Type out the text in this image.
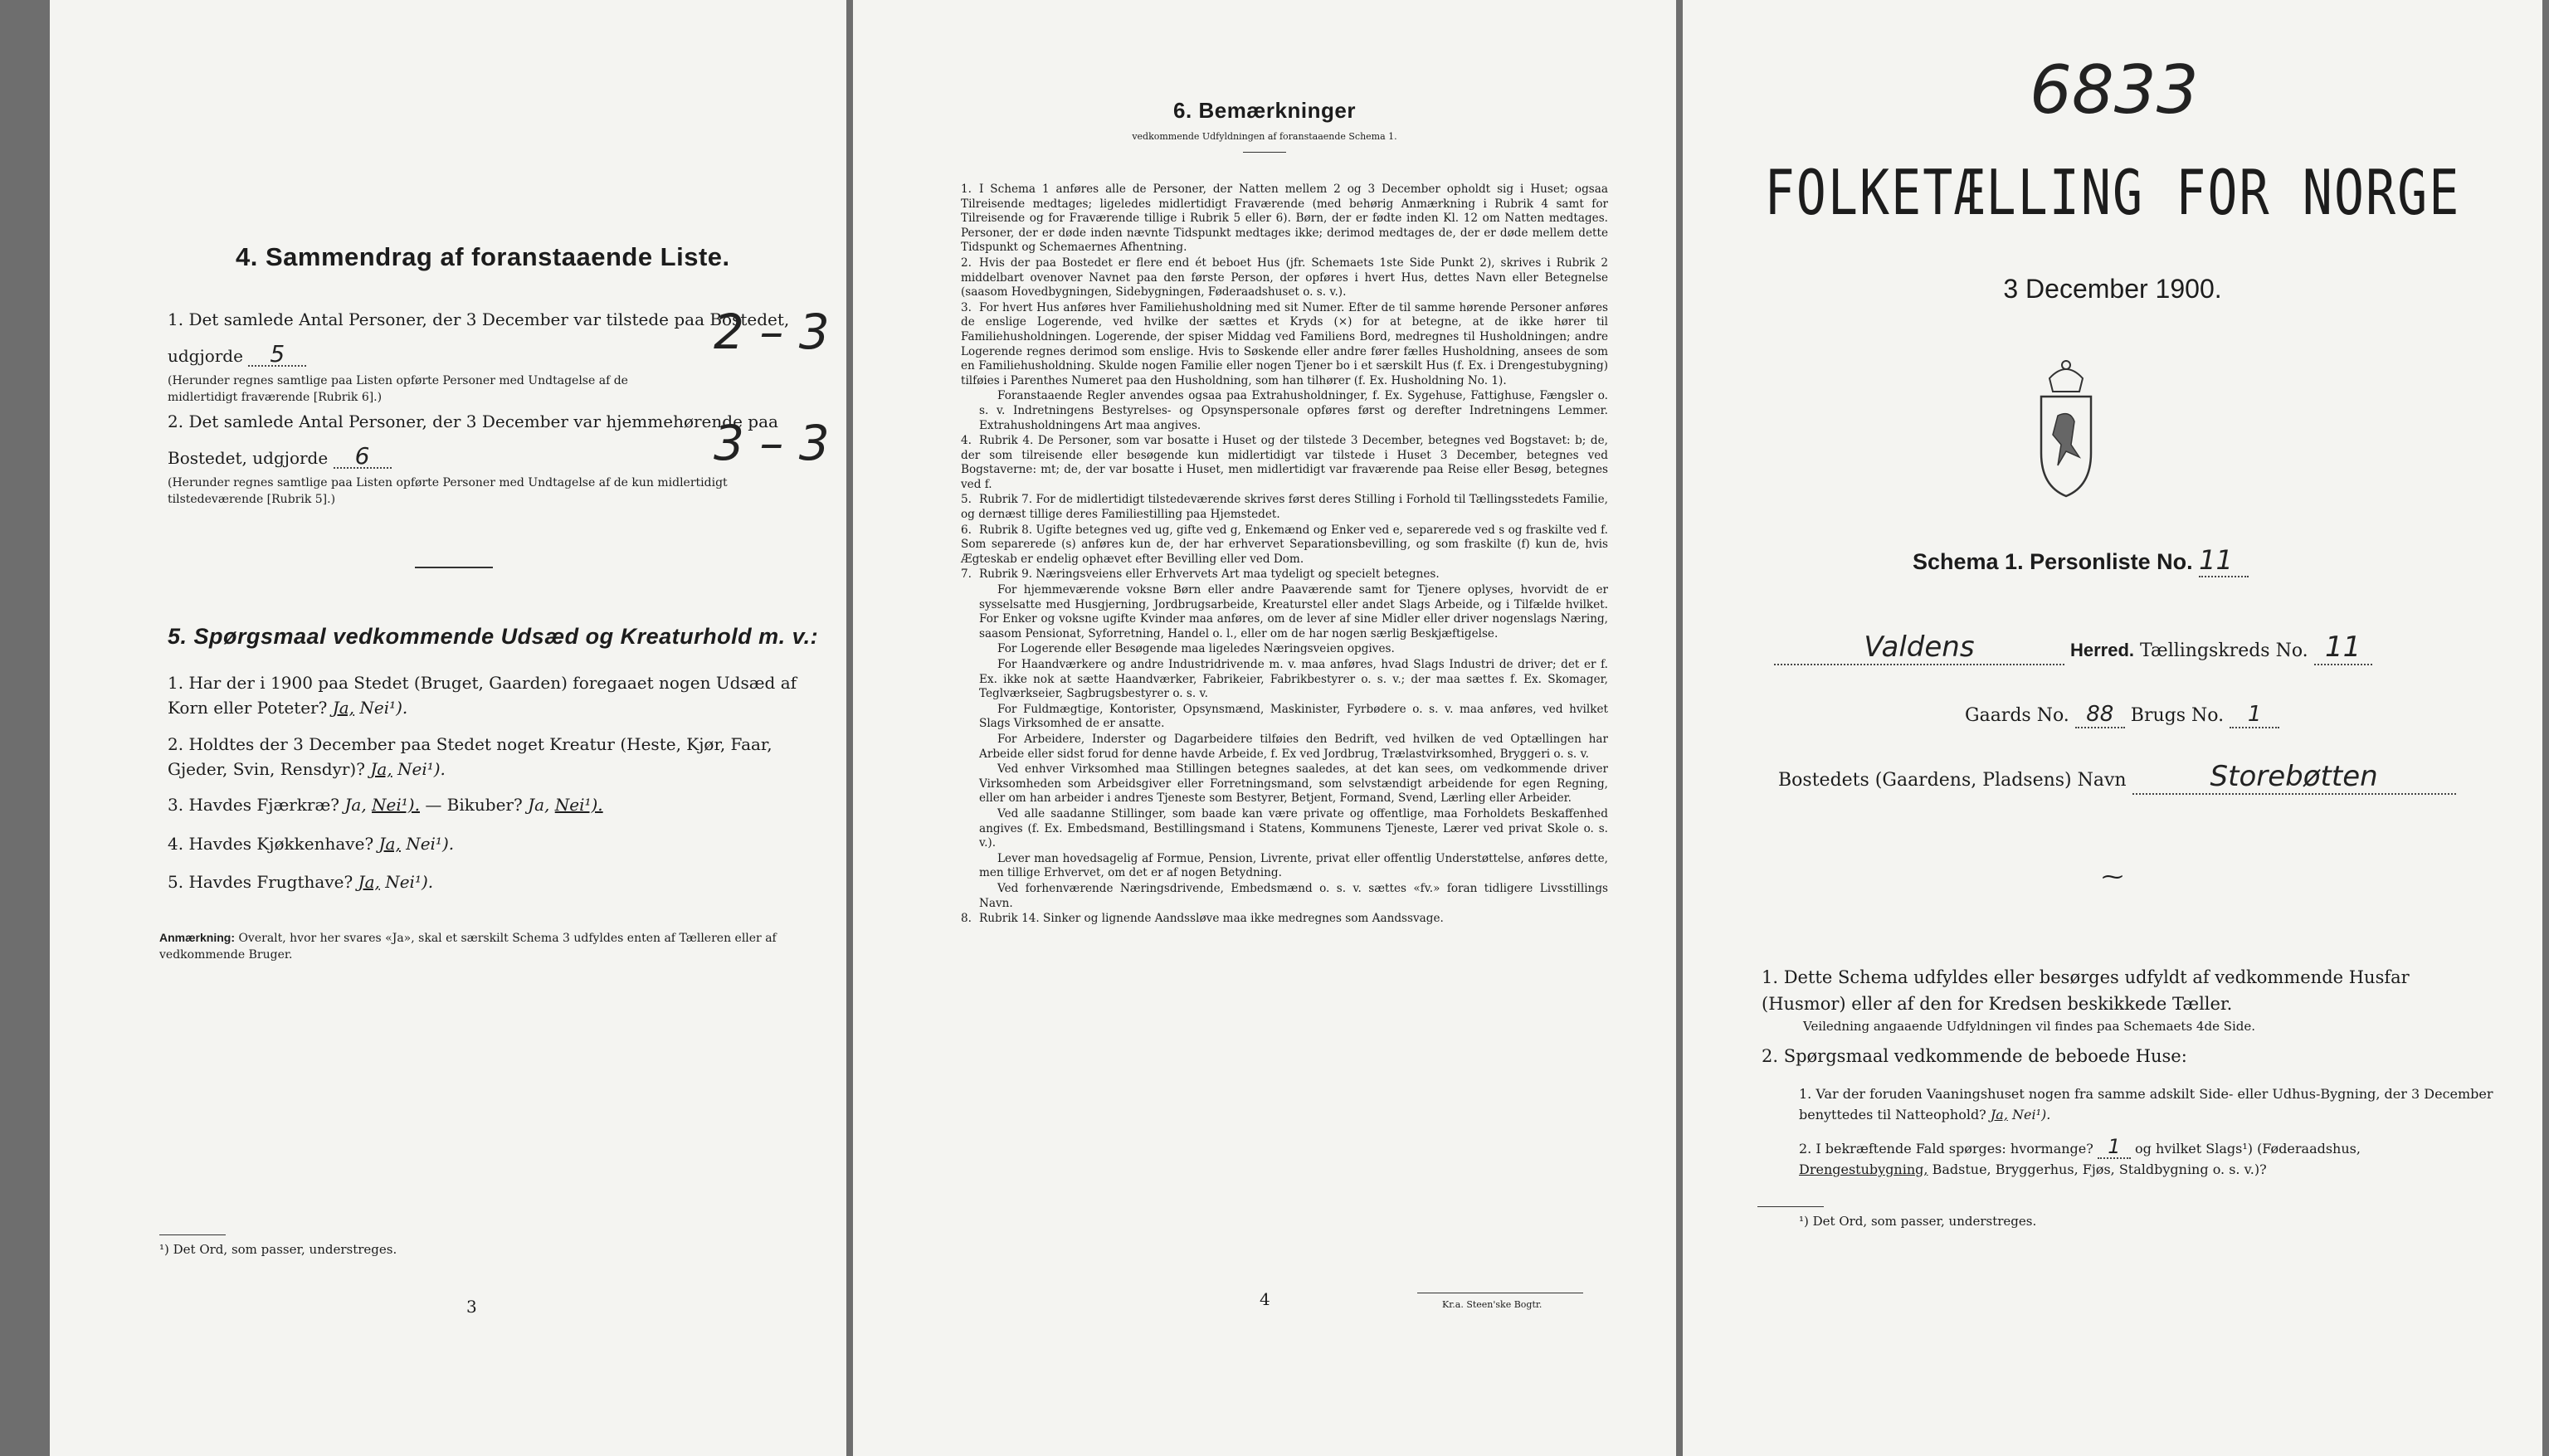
4. Sammendrag af foranstaaende Liste.
1. Det samlede Antal Personer, der 3 December var tilstede paa Bostedet,
udgjorde 5
(Herunder regnes samtlige paa Listen opførte Personer med Undtagelse af de midlertidigt fraværende [Rubrik 6].)
2 – 3
2. Det samlede Antal Personer, der 3 December var hjemmehørende paa
Bostedet, udgjorde 6
(Herunder regnes samtlige paa Listen opførte Personer med Undtagelse af de kun midlertidigt tilstedeværende [Rubrik 5].)
3 – 3
5. Spørgsmaal vedkommende Udsæd og Kreaturhold m. v.:
1. Har der i 1900 paa Stedet (Bruget, Gaarden) foregaaet nogen Udsæd af
Korn eller Poteter? Ja, Nei¹).
2. Holdtes der 3 December paa Stedet noget Kreatur (Heste, Kjør, Faar,
Gjeder, Svin, Rensdyr)? Ja, Nei¹).
3. Havdes Fjærkræ? Ja, Nei¹). — Bikuber? Ja, Nei¹).
4. Havdes Kjøkkenhave? Ja, Nei¹).
5. Havdes Frugthave? Ja, Nei¹).
Anmærkning: Overalt, hvor her svares «Ja», skal et særskilt Schema 3 udfyldes enten af Tælleren eller af vedkommende Bruger.
¹) Det Ord, som passer, understreges.
3
6. Bemærkninger
vedkommende Udfyldningen af foranstaaende Schema 1.

1. I Schema 1 anføres alle de Personer, der Natten mellem 2 og 3 December opholdt sig i Huset; ogsaa Tilreisende medtages; ligeledes midlertidigt Fraværende (med behørig Anmærkning i Rubrik 4 samt for Tilreisende og for Fraværende tillige i Rubrik 5 eller 6). Børn, der er fødte inden Kl. 12 om Natten medtages. Personer, der er døde inden nævnte Tidspunkt medtages ikke; derimod medtages de, der er døde mellem dette Tidspunkt og Schemaernes Afhentning.

2. Hvis der paa Bostedet er flere end ét beboet Hus (jfr. Schemaets 1ste Side Punkt 2), skrives i Rubrik 2 middelbart ovenover Navnet paa den første Person, der opføres i hvert Hus, dettes Navn eller Betegnelse (saasom Hovedbygningen, Sidebygningen, Føderaadshuset o. s. v.).

3. For hvert Hus anføres hver Familiehusholdning med sit Numer. Efter de til samme hørende Personer anføres de enslige Logerende, ved hvilke der sættes et Kryds (×) for at betegne, at de ikke hører til Familiehusholdningen. Logerende, der spiser Middag ved Familiens Bord, medregnes til Husholdningen; andre Logerende regnes derimod som enslige. Hvis to Søskende eller andre fører fælles Husholdning, ansees de som en Familiehusholdning. Skulde nogen Familie eller nogen Tjener bo i et særskilt Hus (f. Ex. i Drengestubygning) tilføies i Parenthes Numeret paa den Husholdning, som han tilhører (f. Ex. Husholdning No. 1).

Foranstaaende Regler anvendes ogsaa paa Extrahusholdninger, f. Ex. Sygehuse, Fattighuse, Fængsler o. s. v. Indretningens Bestyrelses- og Opsynspersonale opføres først og derefter Indretningens Lemmer. Extrahusholdningens Art maa angives.

4. Rubrik 4. De Personer, som var bosatte i Huset og der tilstede 3 December, betegnes ved Bogstavet: b; de, der som tilreisende eller besøgende kun midlertidigt var tilstede i Huset 3 December, betegnes ved Bogstaverne: mt; de, der var bosatte i Huset, men midlertidigt var fraværende paa Reise eller Besøg, betegnes ved f.

5. Rubrik 7. For de midlertidigt tilstedeværende skrives først deres Stilling i Forhold til Tællingsstedets Familie, og dernæst tillige deres Familiestilling paa Hjemstedet.

6. Rubrik 8. Ugifte betegnes ved ug, gifte ved g, Enkemænd og Enker ved e, separerede ved s og fraskilte ved f. Som separerede (s) anføres kun de, der har erhvervet Separationsbevilling, og som fraskilte (f) kun de, hvis Ægteskab er endelig ophævet efter Bevilling eller ved Dom.

7. Rubrik 9. Næringsveiens eller Erhvervets Art maa tydeligt og specielt betegnes.

For hjemmeværende voksne Børn eller andre Paaværende samt for Tjenere oplyses, hvorvidt de er sysselsatte med Husgjerning, Jordbrugsarbeide, Kreaturstel eller andet Slags Arbeide, og i Tilfælde hvilket. For Enker og voksne ugifte Kvinder maa anføres, om de lever af sine Midler eller driver nogenslags Næring, saasom Pensionat, Syforretning, Handel o. l., eller om de har nogen særlig Beskjæftigelse.

For Logerende eller Besøgende maa ligeledes Næringsveien opgives.

For Haandværkere og andre Industridrivende m. v. maa anføres, hvad Slags Industri de driver; det er f. Ex. ikke nok at sætte Haandværker, Fabrikeier, Fabrikbestyrer o. s. v.; der maa sættes f. Ex. Skomager, Teglværkseier, Sagbrugsbestyrer o. s. v.

For Fuldmægtige, Kontorister, Opsynsmænd, Maskinister, Fyrbødere o. s. v. maa anføres, ved hvilket Slags Virksomhed de er ansatte.

For Arbeidere, Inderster og Dagarbeidere tilføies den Bedrift, ved hvilken de ved Optællingen har Arbeide eller sidst forud for denne havde Arbeide, f. Ex ved Jordbrug, Trælastvirksomhed, Bryggeri o. s. v.

Ved enhver Virksomhed maa Stillingen betegnes saaledes, at det kan sees, om vedkommende driver Virksomheden som Arbeidsgiver eller Forretningsmand, som selvstændigt arbeidende for egen Regning, eller om han arbeider i andres Tjeneste som Bestyrer, Betjent, Formand, Svend, Lærling eller Arbeider.

Ved alle saadanne Stillinger, som baade kan være private og offentlige, maa Forholdets Beskaffenhed angives (f. Ex. Embedsmand, Bestillingsmand i Statens, Kommunens Tjeneste, Lærer ved privat Skole o. s. v.).

Lever man hovedsagelig af Formue, Pension, Livrente, privat eller offentlig Understøttelse, anføres dette, men tillige Erhvervet, om det er af nogen Betydning.

Ved forhenværende Næringsdrivende, Embedsmænd o. s. v. sættes «fv.» foran tidligere Livsstillings Navn.

8. Rubrik 14. Sinker og lignende Aandssløve maa ikke medregnes som Aandssvage.

4	Kr.a. Steen'ske Bogtr.
6833
FOLKETÆLLING FOR NORGE
3 December 1900.
Schema 1. Personliste No. 11
Valdens	Herred. Tællingskreds No. 11
Gaards No. 88 Brugs No. 1
Bostedets (Gaardens, Pladsens) Navn	Storebøtten
⁓
1. Dette Schema udfyldes eller besørges udfyldt af vedkommende Husfar (Husmor) eller af den for Kredsen beskikkede Tæller.
Veiledning angaaende Udfyldningen vil findes paa Schemaets 4de Side.
2. Spørgsmaal vedkommende de beboede Huse:
1. Var der foruden Vaaningshuset nogen fra samme adskilt Side- eller Udhus-Bygning, der 3 December benyttedes til Natteophold? Ja, Nei¹).
2. I bekræftende Fald spørges: hvormange? 1 og hvilket Slags¹) (Føderaadshus,
Drengestubygning, Badstue, Bryggerhus, Fjøs, Staldbygning o. s. v.)?
¹) Det Ord, som passer, understreges.
